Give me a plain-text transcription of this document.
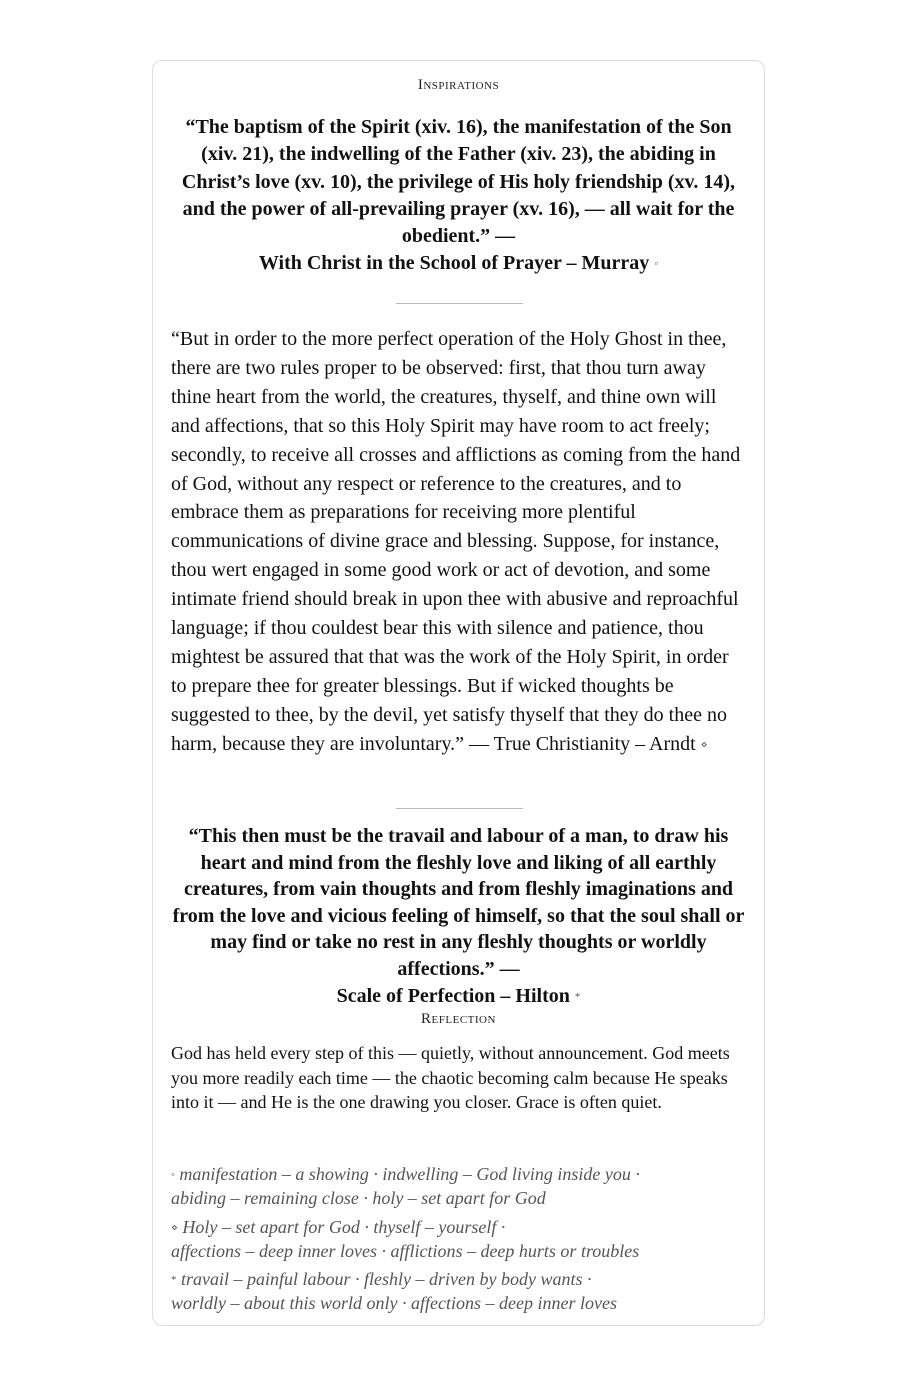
Inspirations
“The baptism of the Spirit (xiv. 16), the manifestation of the Son (xiv. 21), the indwelling of the Father (xiv. 23), the abiding in Christ’s love (xv. 10), the privilege of His holy friendship (xv. 14), and the power of all-prevailing prayer (xv. 16), — all wait for the obedient.” —
With Christ in the School of Prayer – Murray ◦
“But in order to the more perfect operation of the Holy Ghost in thee, there are two rules proper to be observed: first, that thou turn away thine heart from the world, the creatures, thyself, and thine own will and affections, that so this Holy Spirit may have room to act freely; secondly, to receive all crosses and afflictions as coming from the hand of God, without any respect or reference to the creatures, and to embrace them as preparations for receiving more plentiful communications of divine grace and blessing. Suppose, for instance, thou wert engaged in some good work or act of devotion, and some intimate friend should break in upon thee with abusive and reproachful language; if thou couldest bear this with silence and patience, thou mightest be assured that that was the work of the Holy Spirit, in order to prepare thee for greater blessings. But if wicked thoughts be suggested to thee, by the devil, yet satisfy thyself that they do thee no harm, because they are involuntary.” — True Christianity – Arndt ⋄
“This then must be the travail and labour of a man, to draw his heart and mind from the fleshly love and liking of all earthly creatures, from vain thoughts and from fleshly imaginations and from the love and vicious feeling of himself, so that the soul shall or may find or take no rest in any fleshly thoughts or worldly affections.” —
Scale of Perfection – Hilton *
Reflection
God has held every step of this — quietly, without announcement. God meets you more readily each time — the chaotic becoming calm because He speaks into it — and He is the one drawing you closer. Grace is often quiet.
◦ manifestation – a showing · indwelling – God living inside you ·
abiding – remaining close · holy – set apart for God
⋄ Holy – set apart for God · thyself – yourself ·
affections – deep inner loves · afflictions – deep hurts or troubles
* travail – painful labour · fleshly – driven by body wants ·
worldly – about this world only · affections – deep inner loves
